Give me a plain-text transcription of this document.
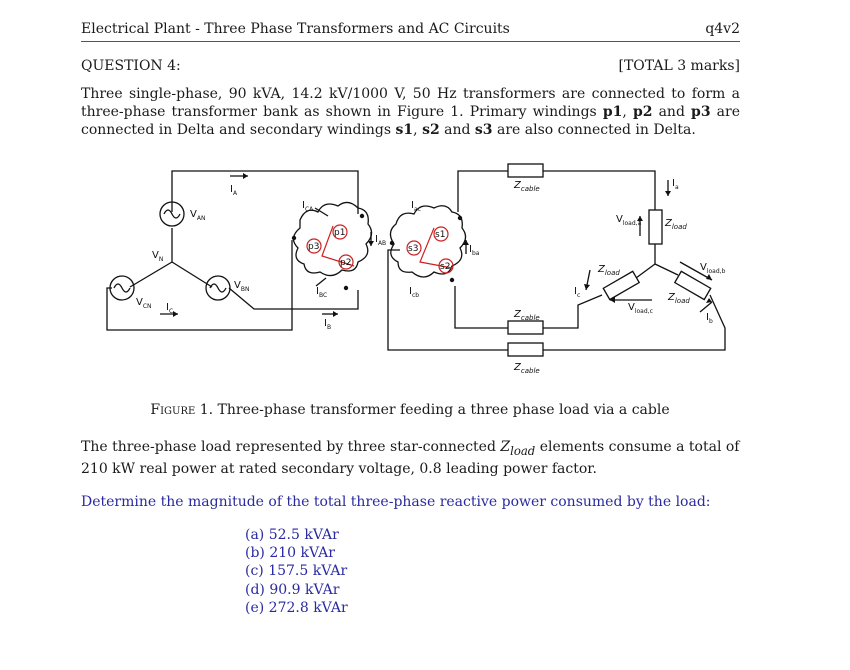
Electrical Plant - Three Phase Transformers and AC Circuits	q4v2
QUESTION 4:	[TOTAL 3 marks]
Three single-phase, 90 kVA, 14.2 kV/1000 V, 50 Hz transformers are connected to form a three-phase transformer bank as shown in Figure 1. Primary windings p1, p2 and p3 are connected in Delta and secondary windings s1, s2 and s3 are also connected in Delta.
p1
p3
p2
s1
s3
s2
$I_A$
$V_{AN}$
$V_N$
$V_{BN}$
$V_{CN}$ $I_C$
$I_B$
$I_{CA}$
$I_{AB}$
$I_{BC}$
$I_{ac}$
$I_{ba}$
$I_{cb}$
$I_a$
$I_c$
$I_b$
$V_{load,a}$
$V_{load,b}$
$V_{load,c}$
$Z_{cable}$
$Z_{cable}$
$Z_{cable}$
$Z_{load}$
$Z_{load}$
$Z_{load}$
Figure 1. Three-phase transformer feeding a three phase load via a cable
The three-phase load represented by three star-connected $Z_{load}$ elements consume a total of 210 kW real power at rated secondary voltage, 0.8 leading power factor.
Determine the magnitude of the total three-phase reactive power consumed by the load:
(a) 52.5 kVAr
(b) 210 kVAr
(c) 157.5 kVAr
(d) 90.9 kVAr
(e) 272.8 kVAr
